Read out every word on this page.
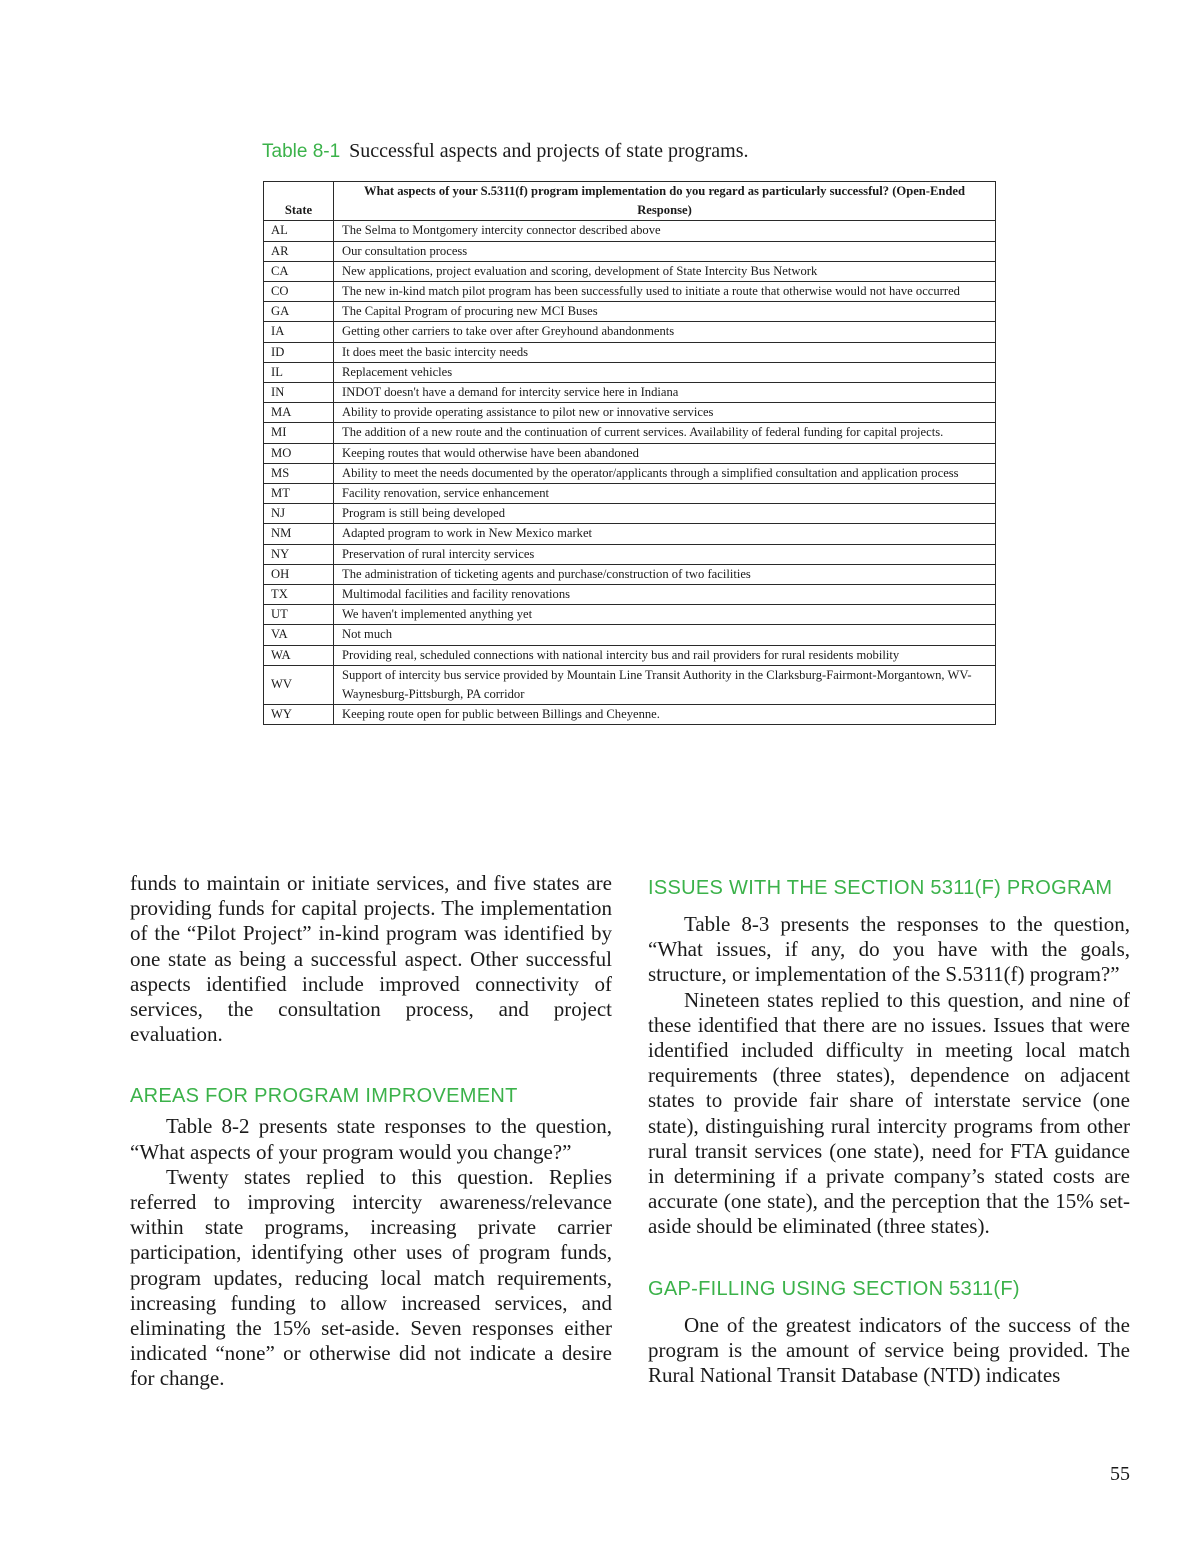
Table 8-1 Successful aspects and projects of state programs.
State	What aspects of your S.5311(f) program implementation do you regard as particularly successful? (Open-Ended Response)
AL	The Selma to Montgomery intercity connector described above
AR	Our consultation process
CA	New applications, project evaluation and scoring, development of State Intercity Bus Network
CO	The new in-kind match pilot program has been successfully used to initiate a route that otherwise would not have occurred
GA	The Capital Program of procuring new MCI Buses
IA	Getting other carriers to take over after Greyhound abandonments
ID	It does meet the basic intercity needs
IL	Replacement vehicles
IN	INDOT doesn't have a demand for intercity service here in Indiana
MA	Ability to provide operating assistance to pilot new or innovative services
MI	The addition of a new route and the continuation of current services. Availability of federal funding for capital projects.
MO	Keeping routes that would otherwise have been abandoned
MS	Ability to meet the needs documented by the operator/applicants through a simplified consultation and application process
MT	Facility renovation, service enhancement
NJ	Program is still being developed
NM	Adapted program to work in New Mexico market
NY	Preservation of rural intercity services
OH	The administration of ticketing agents and purchase/construction of two facilities
TX	Multimodal facilities and facility renovations
UT	We haven't implemented anything yet
VA	Not much
WA	Providing real, scheduled connections with national intercity bus and rail providers for rural residents mobility
WV	Support of intercity bus service provided by Mountain Line Transit Authority in the Clarksburg-Fairmont-Morgantown, WV-Waynesburg-Pittsburgh, PA corridor
WY	Keeping route open for public between Billings and Cheyenne.

funds to maintain or initiate services, and five states are providing funds for capital projects. The implementation of the “Pilot Project” in-kind program was identified by one state as being a successful aspect. Other successful aspects identified include improved connectivity of services, the consultation process, and project evaluation.

AREAS FOR PROGRAM IMPROVEMENT

Table 8-2 presents state responses to the question, “What aspects of your program would you change?”

Twenty states replied to this question. Replies referred to improving intercity awareness/relevance within state programs, increasing private carrier participation, identifying other uses of program funds, program updates, reducing local match requirements, increasing funding to allow increased services, and eliminating the 15% set-aside. Seven responses either indicated “none” or otherwise did not indicate a desire for change.

ISSUES WITH THE SECTION 5311(F) PROGRAM

Table 8-3 presents the responses to the question, “What issues, if any, do you have with the goals, structure, or implementation of the S.5311(f) program?”

Nineteen states replied to this question, and nine of these identified that there are no issues. Issues that were identified included difficulty in meeting local match requirements (three states), dependence on adjacent states to provide fair share of interstate service (one state), distinguishing rural intercity programs from other rural transit services (one state), need for FTA guidance in determining if a private company’s stated costs are accurate (one state), and the perception that the 15% set-aside should be eliminated (three states).

GAP-FILLING USING SECTION 5311(F)

One of the greatest indicators of the success of the program is the amount of service being provided. The Rural National Transit Database (NTD) indicates

55
